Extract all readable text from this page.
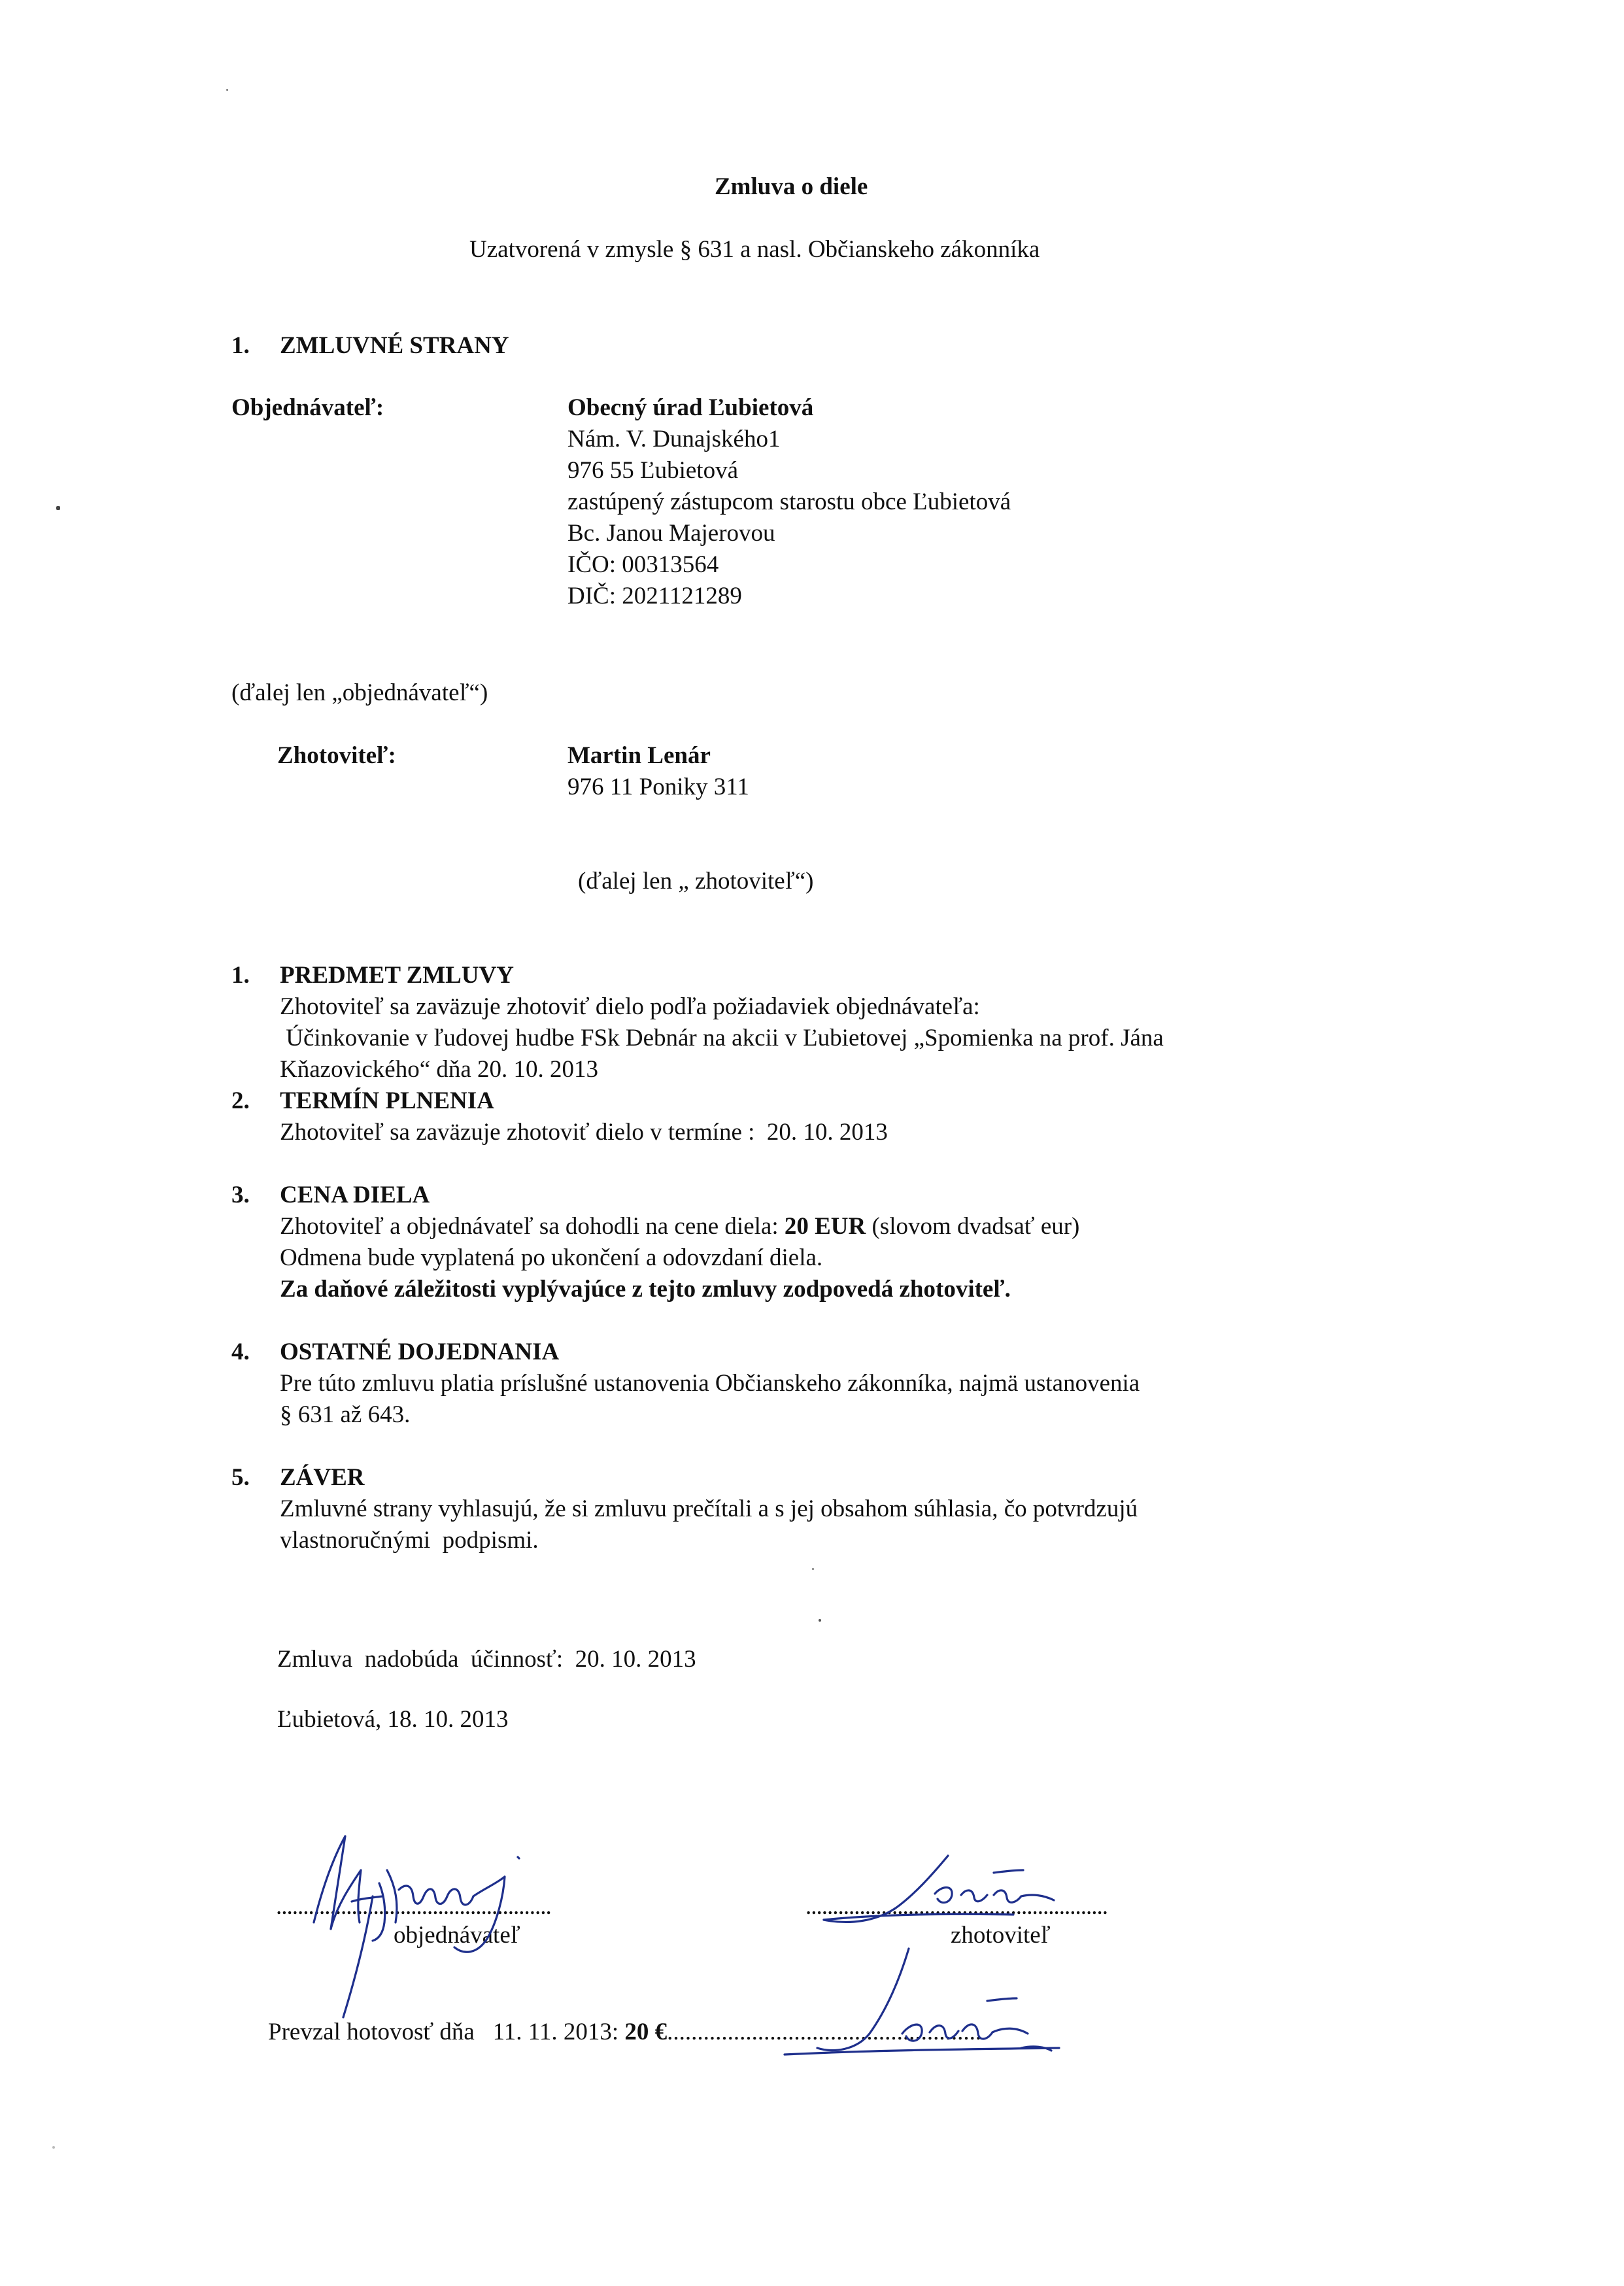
Zmluva o diele
Uzatvorená v zmysle § 631 a nasl. Občianskeho zákonníka
1. ZMLUVNÉ STRANY
Objednávateľ:	Obecný úrad Ľubietová
Nám. V. Dunajského1
976 55 Ľubietová
zastúpený zástupcom starostu obce Ľubietová
Bc. Janou Majerovou
IČO: 00313564
DIČ: 2021121289
(ďalej len „objednávateľ“)
Zhotoviteľ:	Martin Lenár
976 11 Poniky 311
(ďalej len „ zhotoviteľ“)
1. PREDMET ZMLUVY
Zhotoviteľ sa zaväzuje zhotoviť dielo podľa požiadaviek objednávateľa:
Účinkovanie v ľudovej hudbe FSk Debnár na akcii v Ľubietovej „Spomienka na prof. Jána
Kňazovického“ dňa 20. 10. 2013
2. TERMÍN PLNENIA
Zhotoviteľ sa zaväzuje zhotoviť dielo v termíne :  20. 10. 2013
3. CENA DIELA
Zhotoviteľ a objednávateľ sa dohodli na cene diela: 20 EUR (slovom dvadsať eur)
Odmena bude vyplatená po ukončení a odovzdaní diela.
Za daňové záležitosti vyplývajúce z tejto zmluvy zodpovedá zhotoviteľ.
4. OSTATNÉ DOJEDNANIA
Pre túto zmluvu platia príslušné ustanovenia Občianskeho zákonníka, najmä ustanovenia
§ 631 až 643.
5. ZÁVER
Zmluvné strany vyhlasujú, že si zmluvu prečítali a s jej obsahom súhlasia, čo potvrdzujú
vlastnoručnými  podpismi.
Zmluva  nadobúda  účinnosť:  20. 10. 2013
Ľubietová, 18. 10. 2013
...................................................
objednávateľ
........................................................
zhotoviteľ
Prevzal hotovosť dňa   11. 11. 2013: 20 €....................................................
